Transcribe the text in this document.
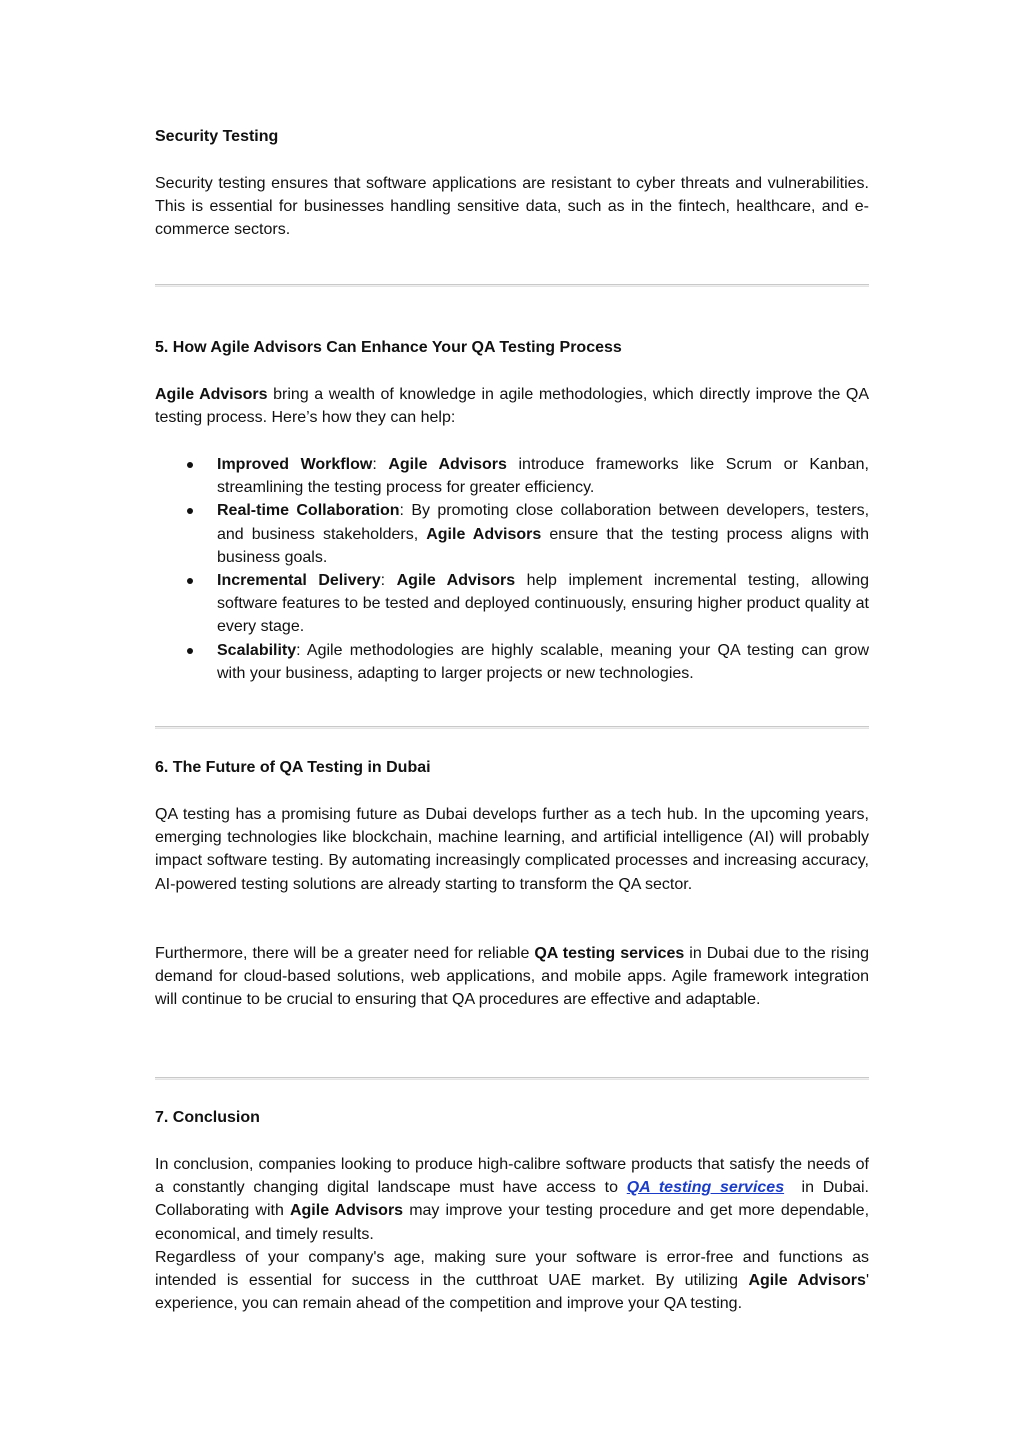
Security Testing

Security testing ensures that software applications are resistant to cyber threats and vulnerabilities. This is essential for businesses handling sensitive data, such as in the fintech, healthcare, and e-commerce sectors.

5. How Agile Advisors Can Enhance Your QA Testing Process

Agile Advisors bring a wealth of knowledge in agile methodologies, which directly improve the QA testing process. Here’s how they can help:

Improved Workflow: Agile Advisors introduce frameworks like Scrum or Kanban, streamlining the testing process for greater efficiency.
Real-time Collaboration: By promoting close collaboration between developers, testers, and business stakeholders, Agile Advisors ensure that the testing process aligns with business goals.
Incremental Delivery: Agile Advisors help implement incremental testing, allowing software features to be tested and deployed continuously, ensuring higher product quality at every stage.
Scalability: Agile methodologies are highly scalable, meaning your QA testing can grow with your business, adapting to larger projects or new technologies.

6. The Future of QA Testing in Dubai

QA testing has a promising future as Dubai develops further as a tech hub. In the upcoming years, emerging technologies like blockchain, machine learning, and artificial intelligence (AI) will probably impact software testing. By automating increasingly complicated processes and increasing accuracy, AI-powered testing solutions are already starting to transform the QA sector.

Furthermore, there will be a greater need for reliable QA testing services in Dubai due to the rising demand for cloud-based solutions, web applications, and mobile apps. Agile framework integration will continue to be crucial to ensuring that QA procedures are effective and adaptable.

7. Conclusion

In conclusion, companies looking to produce high-calibre software products that satisfy the needs of a constantly changing digital landscape must have access to QA testing services  in Dubai. Collaborating with Agile Advisors may improve your testing procedure and get more dependable, economical, and timely results.

Regardless of your company's age, making sure your software is error-free and functions as intended is essential for success in the cutthroat UAE market. By utilizing Agile Advisors' experience, you can remain ahead of the competition and improve your QA testing.
